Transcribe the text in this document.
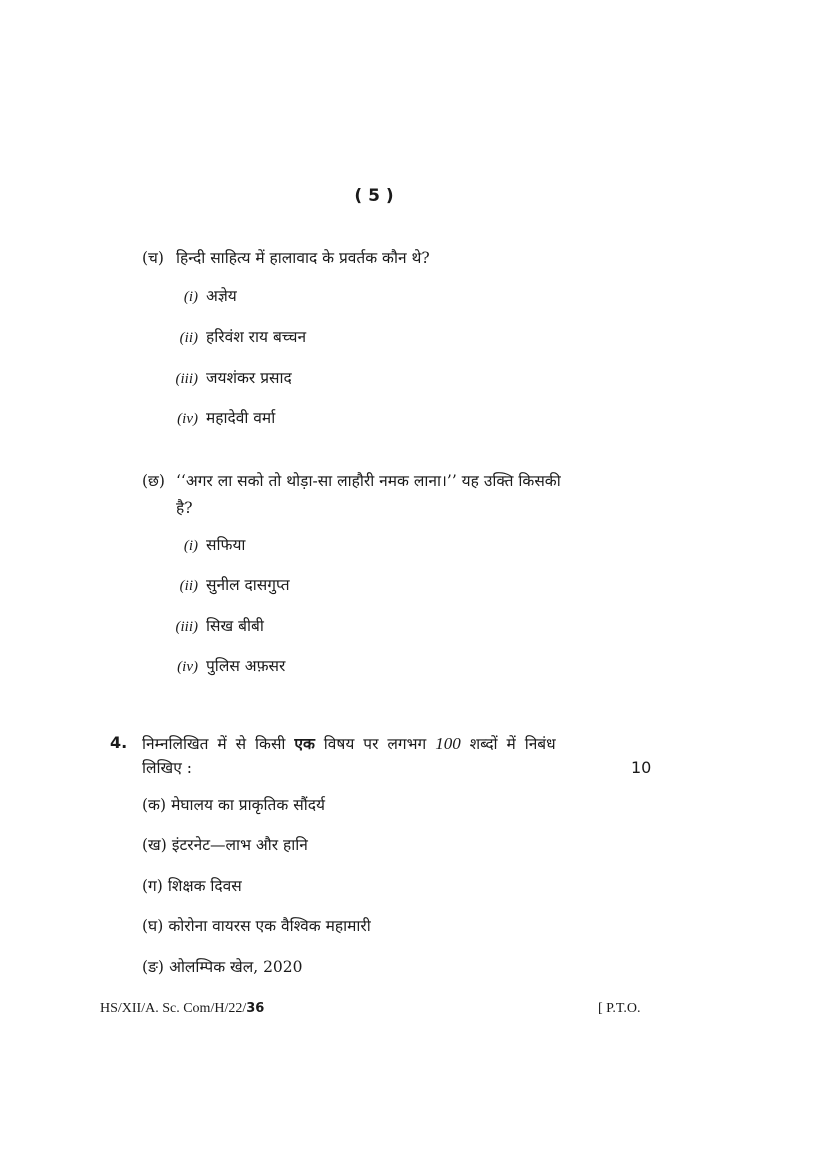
( 5 )
(च) हिन्दी साहित्य में हालावाद के प्रवर्तक कौन थे?
(i) अज्ञेय
(ii) हरिवंश राय बच्चन
(iii) जयशंकर प्रसाद
(iv) महादेवी वर्मा
(छ) ‘‘अगर ला सको तो थोड़ा-सा लाहौरी नमक लाना।’’ यह उक्ति किसकी
है?
(i) सफिया
(ii) सुनील दासगुप्त
(iii) सिख बीबी
(iv) पुलिस अफ़सर
4. निम्नलिखित में से किसी एक विषय पर लगभग 100 शब्दों में निबंध
लिखिए :	10
(क) मेघालय का प्राकृतिक सौंदर्य
(ख) इंटरनेट—लाभ और हानि
(ग) शिक्षक दिवस
(घ) कोरोना वायरस एक वैश्विक महामारी
(ङ) ओलम्पिक खेल, 2020
HS/XII/A. Sc. Com/H/22/36	[ P.T.O.
